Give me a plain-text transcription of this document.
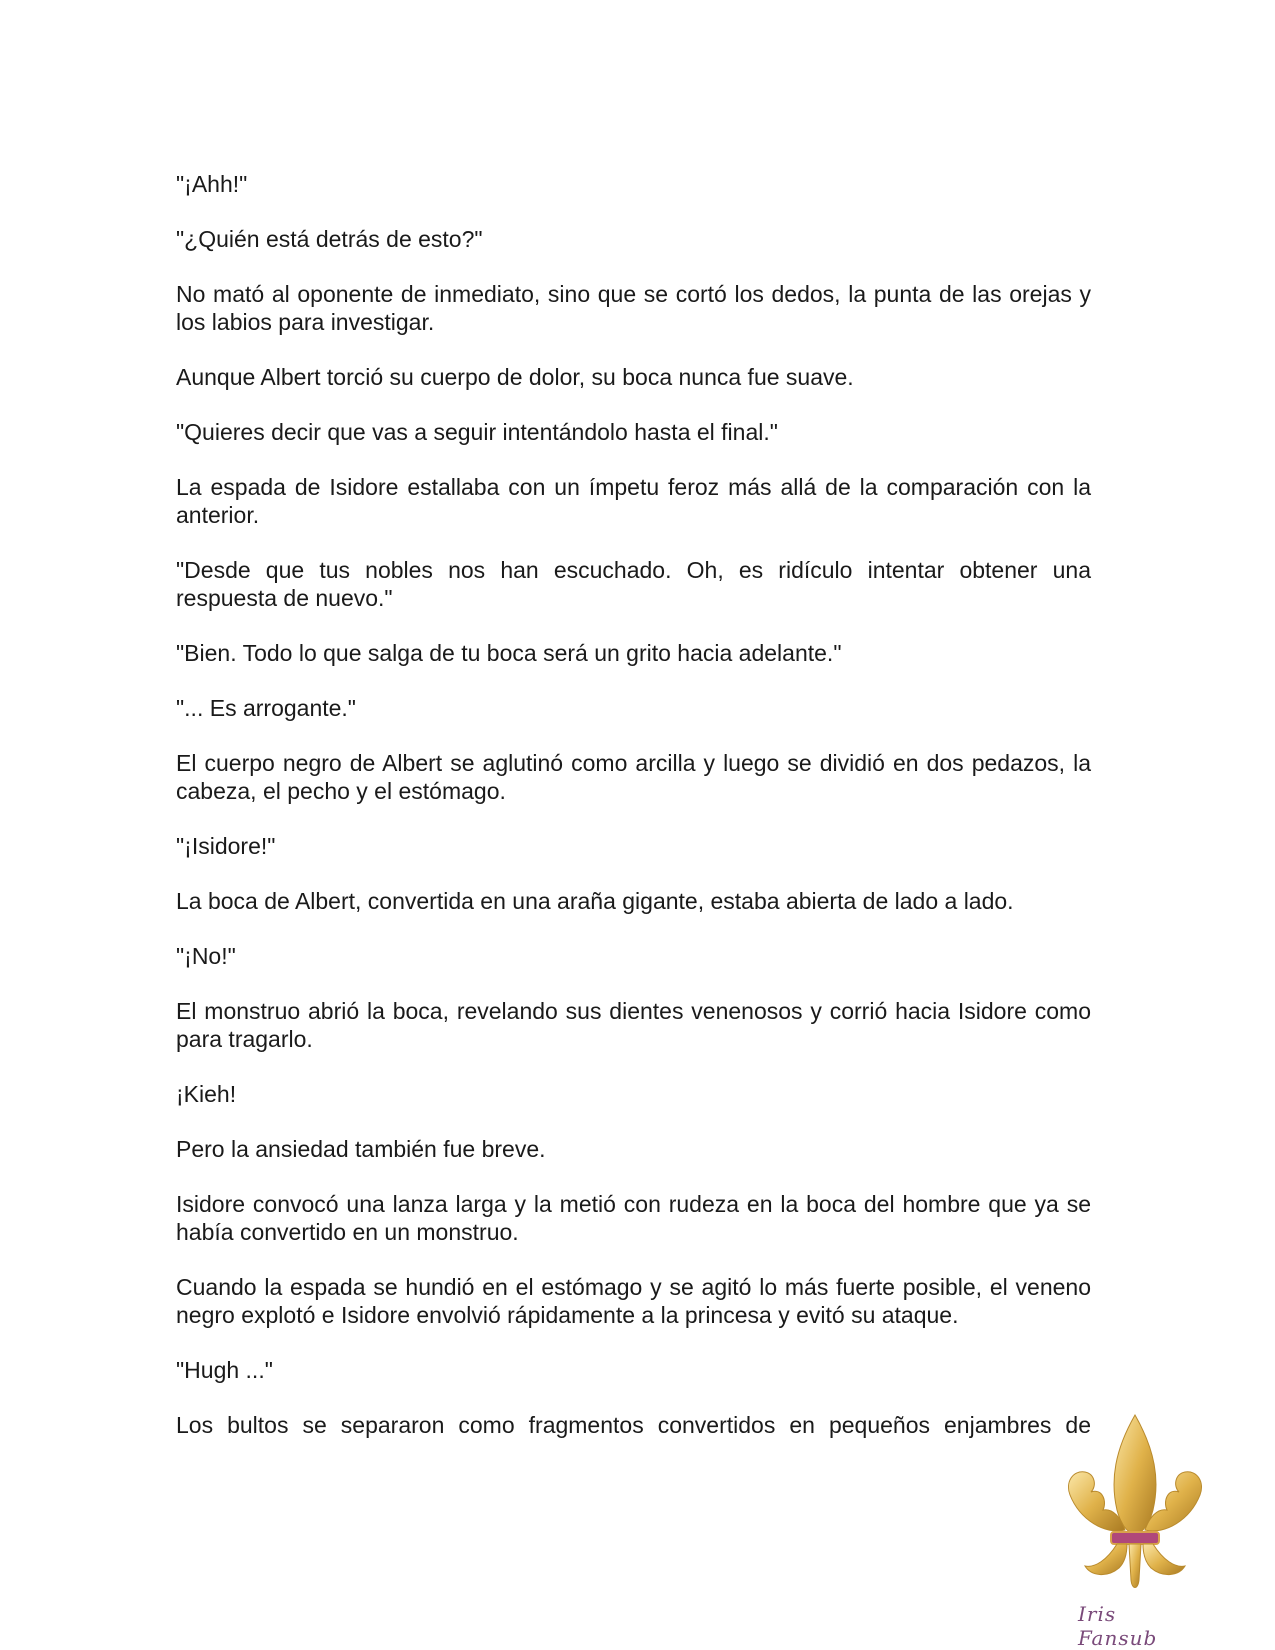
"¡Ahh!"

"¿Quién está detrás de esto?"

No mató al oponente de inmediato, sino que se cortó los dedos, la punta de las orejas y los labios para investigar.

Aunque Albert torció su cuerpo de dolor, su boca nunca fue suave.

"Quieres decir que vas a seguir intentándolo hasta el final."

La espada de Isidore estallaba con un ímpetu feroz más allá de la comparación con la anterior.

"Desde que tus nobles nos han escuchado. Oh, es ridículo intentar obtener una respuesta de nuevo."

"Bien. Todo lo que salga de tu boca será un grito hacia adelante."

"... Es arrogante."

El cuerpo negro de Albert se aglutinó como arcilla y luego se dividió en dos pedazos, la cabeza, el pecho y el estómago.

"¡Isidore!"

La boca de Albert, convertida en una araña gigante, estaba abierta de lado a lado.

"¡No!"

El monstruo abrió la boca, revelando sus dientes venenosos y corrió hacia Isidore como para tragarlo.

¡Kieh!

Pero la ansiedad también fue breve.

Isidore convocó una lanza larga y la metió con rudeza en la boca del hombre que ya se había convertido en un monstruo.

Cuando la espada se hundió en el estómago y se agitó lo más fuerte posible, el veneno negro explotó e Isidore envolvió rápidamente a la princesa y evitó su ataque.

"Hugh ..."

Los bultos se separaron como fragmentos convertidos en pequeños enjambres de

Iris Fansub
